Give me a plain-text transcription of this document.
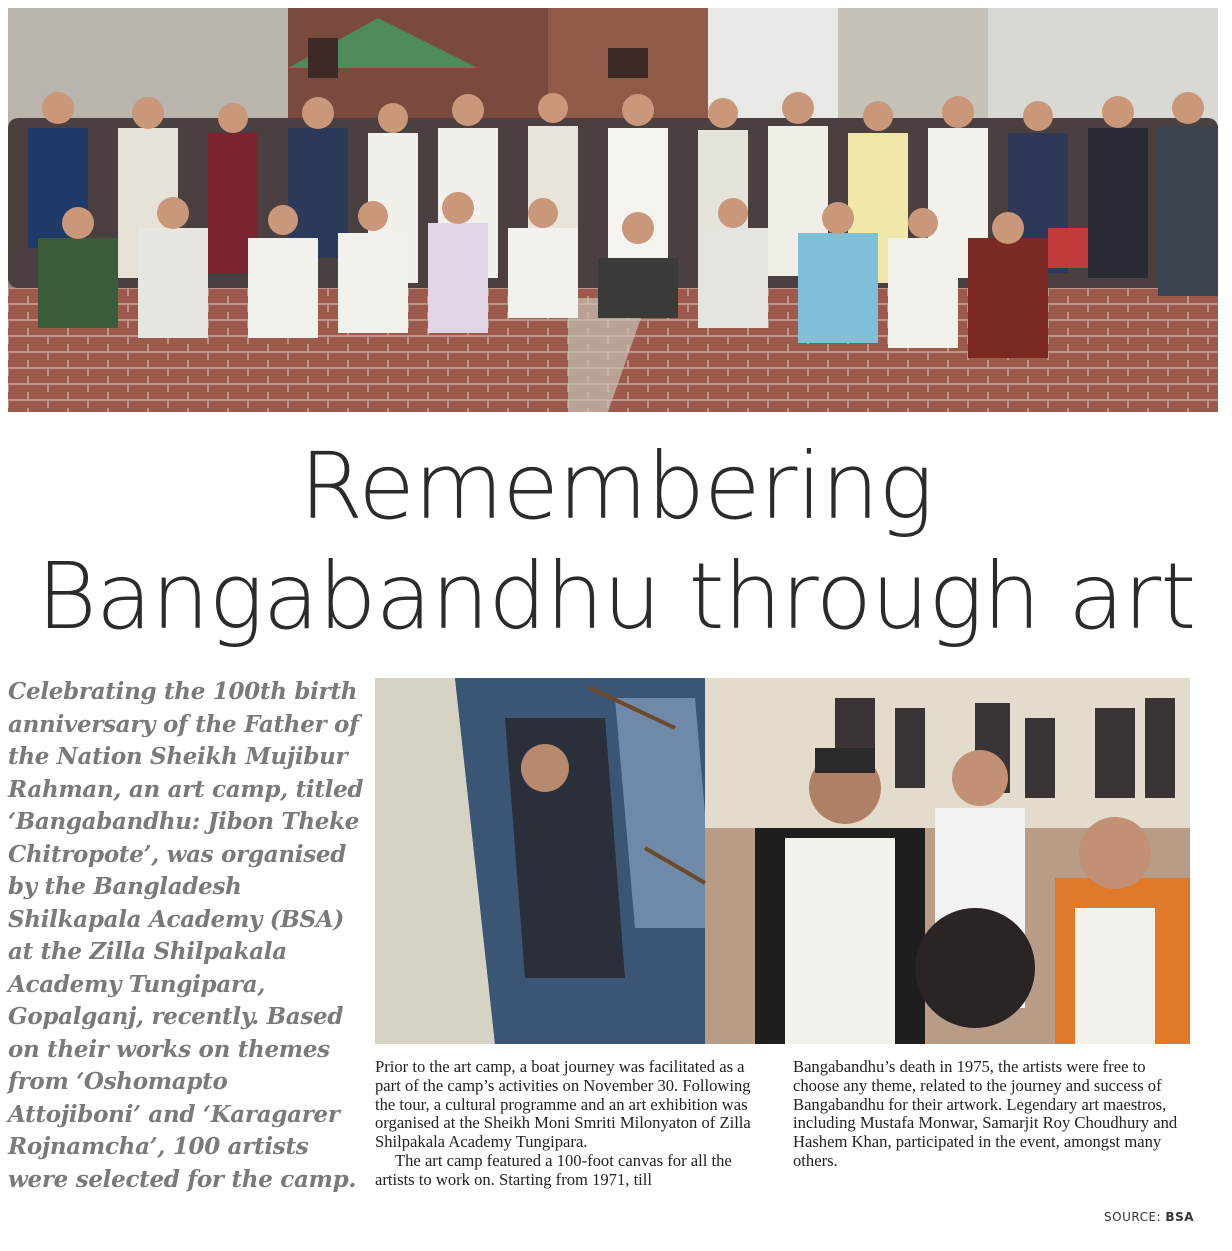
Remembering
Bangabandhu through art
Celebrating the 100th birth anniversary of the Father of the Nation Sheikh Mujibur Rahman, an art camp, titled ‘Bangabandhu: Jibon Theke Chitropote’, was organised by the Bangladesh Shilkapala Academy (BSA) at the Zilla Shilpakala Academy Tungipara, Gopalganj, recently. Based on their works on themes from ‘Oshomapto Attojiboni’ and ‘Karagarer Rojnamcha’, 100 artists were selected for the camp.

Prior to the art camp, a boat journey was facilitated as a part of the camp’s activities on November 30. Following the tour, a cultural programme and an art exhibition was organised at the Sheikh Moni Smriti Milonyaton of Zilla Shilpakala Academy Tungipara.

The art camp featured a 100-foot canvas for all the artists to work on. Starting from 1971, till

Bangabandhu’s death in 1975, the artists were free to choose any theme, related to the journey and success of Bangabandhu for their artwork. Legendary art maestros, including Mustafa Monwar, Samarjit Roy Choudhury and Hashem Khan, participated in the event, amongst many others.

SOURCE: BSA
